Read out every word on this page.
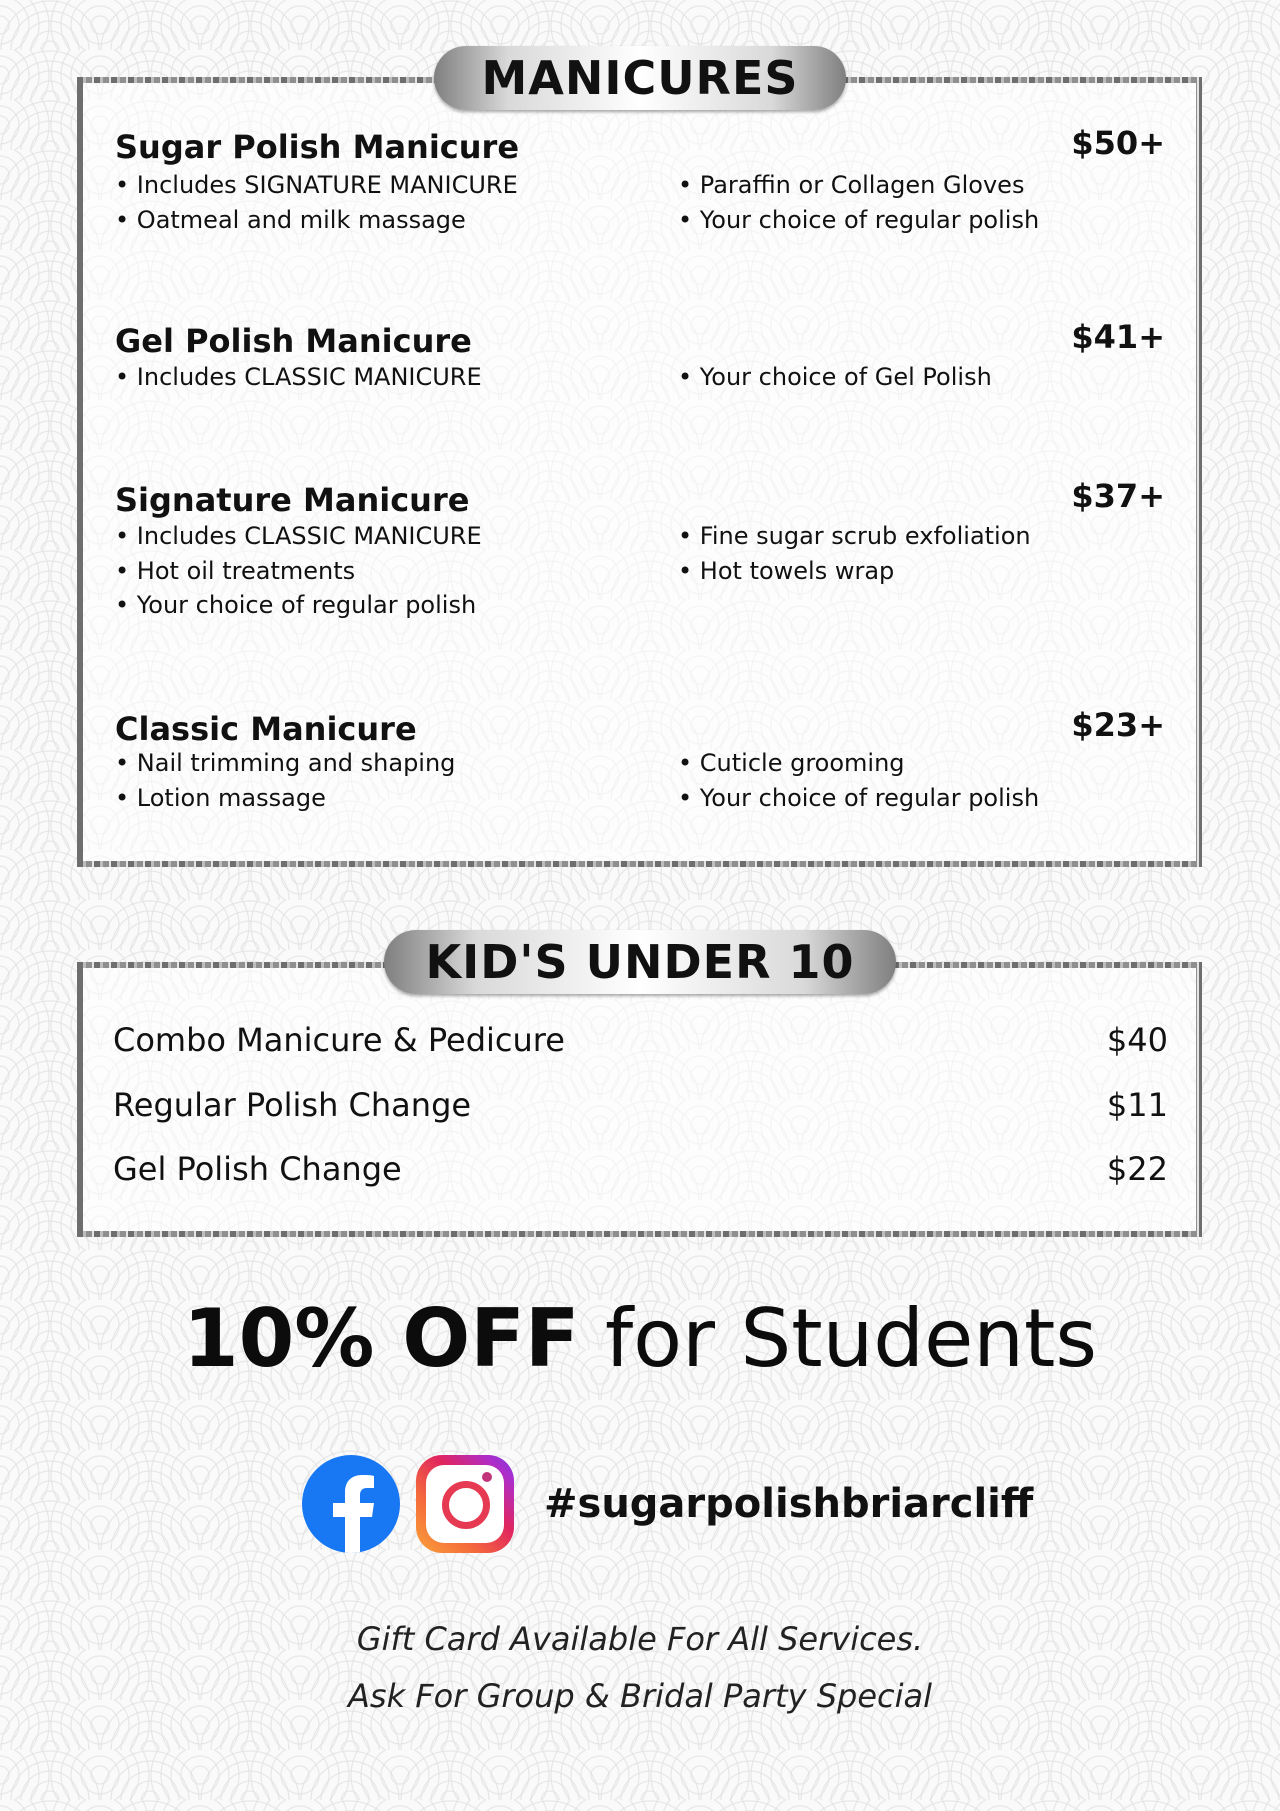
MANICURES
Sugar Polish Manicure	$50+
• Includes SIGNATURE MANICURE
• Oatmeal and milk massage
• Paraffin or Collagen Gloves
• Your choice of regular polish
Gel Polish Manicure	$41+
• Includes CLASSIC MANICURE
•	Your choice of Gel Polish
Signature Manicure	$37+
• Includes CLASSIC MANICURE
• Hot oil treatments
• Your choice of regular polish
• Fine sugar scrub exfoliation
• Hot towels wrap
Classic Manicure	$23+
• Nail trimming and shaping
• Lotion massage
• Cuticle grooming
• Your choice of regular polish
KID'S UNDER 10
Combo Manicure & Pedicure	$40
Regular Polish Change	$11
Gel Polish Change	$22
10% OFF for Students
#sugarpolishbriarcliff
Gift Card Available For All Services.
Ask For Group & Bridal Party Special
